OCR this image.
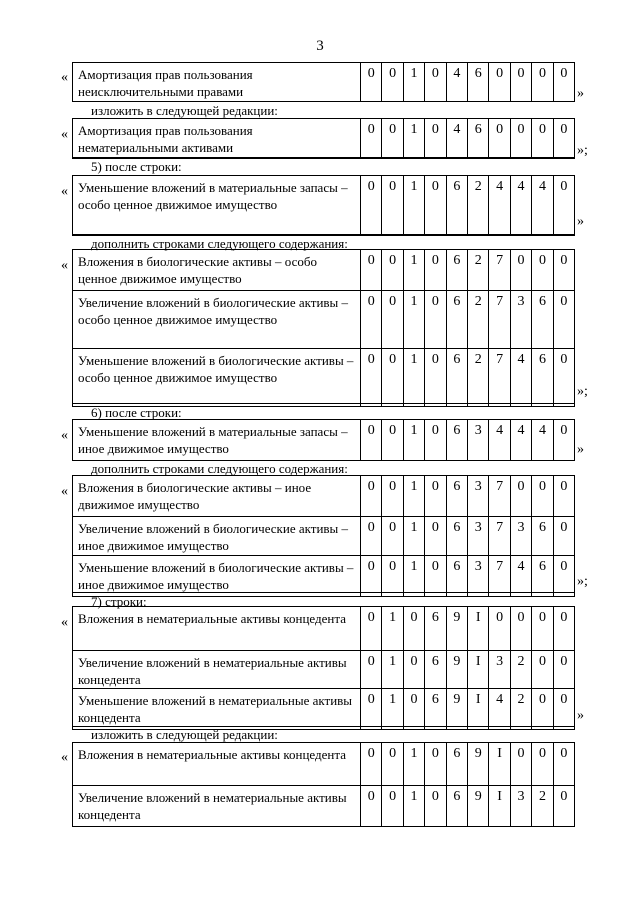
3
изложить в следующей редакции:
5) после строки:
дополнить строками следующего содержания:
6) после строки:
дополнить строками следующего содержания:
7) строки:
изложить в следующей редакции:
Амортизация прав пользования неисключительными правами
0	0	1	0	4	6	0	0	0	0
«
»
Амортизация прав пользования нематериальными активами
0	0	1	0	4	6	0	0	0	0
«
»;
Уменьшение вложений в материальные запасы – особо ценное движимое имущество
0	0	1	0	6	2	4	4	4	0
«
»
Вложения в биологические активы – особо ценное движимое имущество
0	0	1	0	6	2	7	0	0	0
Увеличение вложений в биологические активы – особо ценное движимое имущество
0	0	1	0	6	2	7	3	6	0
Уменьшение вложений в биологические активы – особо ценное движимое имущество
0	0	1	0	6	2	7	4	6	0
«
»;
Уменьшение вложений в материальные запасы – иное движимое имущество
0	0	1	0	6	3	4	4	4	0
«
»
Вложения в биологические активы – иное движимое имущество
0	0	1	0	6	3	7	0	0	0
Увеличение вложений в биологические активы – иное движимое имущество
0	0	1	0	6	3	7	3	6	0
Уменьшение вложений в биологические активы – иное движимое имущество
0	0	1	0	6	3	7	4	6	0
«
»;
Вложения в нематериальные активы концедента	0	1	0	6	9	I	0	0	0	0
Увеличение вложений в нематериальные активы концедента
0	1	0	6	9	I	3	2	0	0
Уменьшение вложений в нематериальные активы концедента
0	1	0	6	9	I	4	2	0	0
«
»
Вложения в нематериальные активы концедента	0	0	1	0	6	9	I	0	0	0
Увеличение вложений в нематериальные активы концедента
0	0	1	0	6	9	I	3	2	0
«
